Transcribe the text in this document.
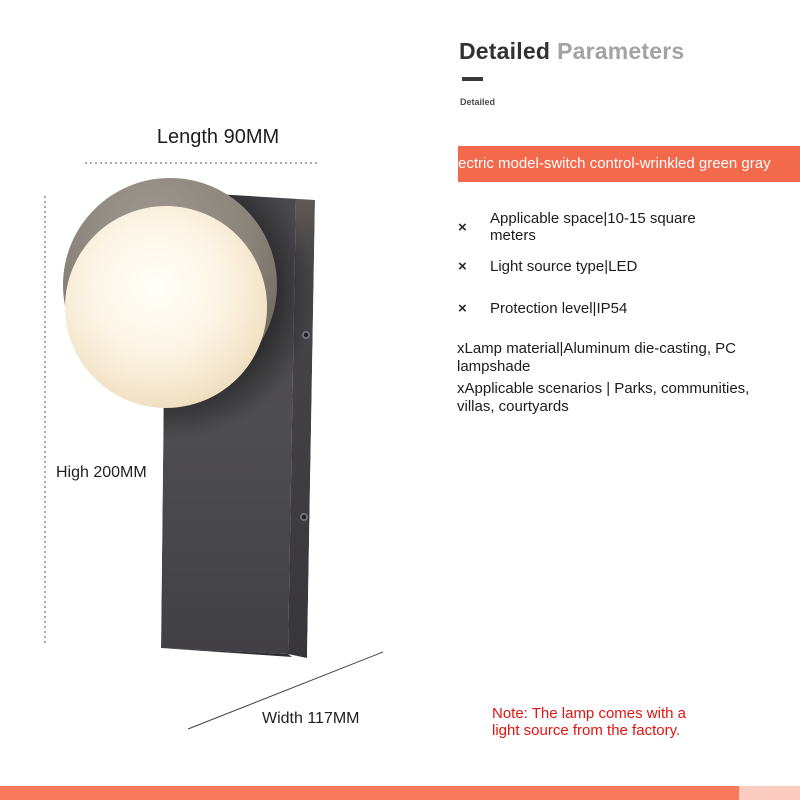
Length 90MM
High 200MM
Width 117MM
Detailed Parameters
Detailed
ectric model-switch control-wrinkled green gray
×	Applicable space|10-15 square meters
×	Light source type|LED
×	Protection level|IP54
xLamp material|Aluminum die-casting, PC lampshade
xApplicable scenarios | Parks, communities, villas, courtyards
Note: The lamp comes with a light source from the factory.
